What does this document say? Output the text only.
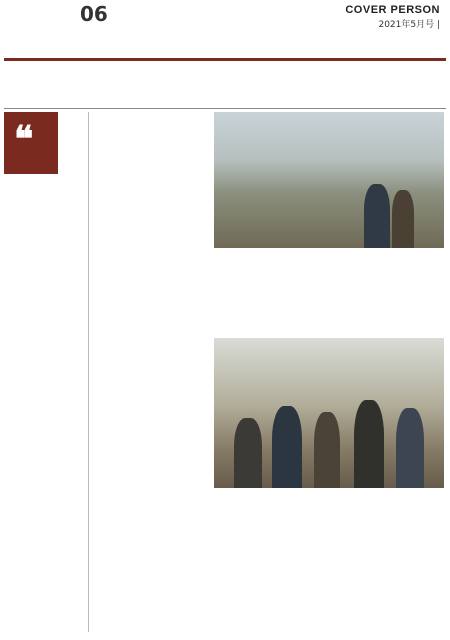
06	COVER PERSON
2021年5月号 |
❝
